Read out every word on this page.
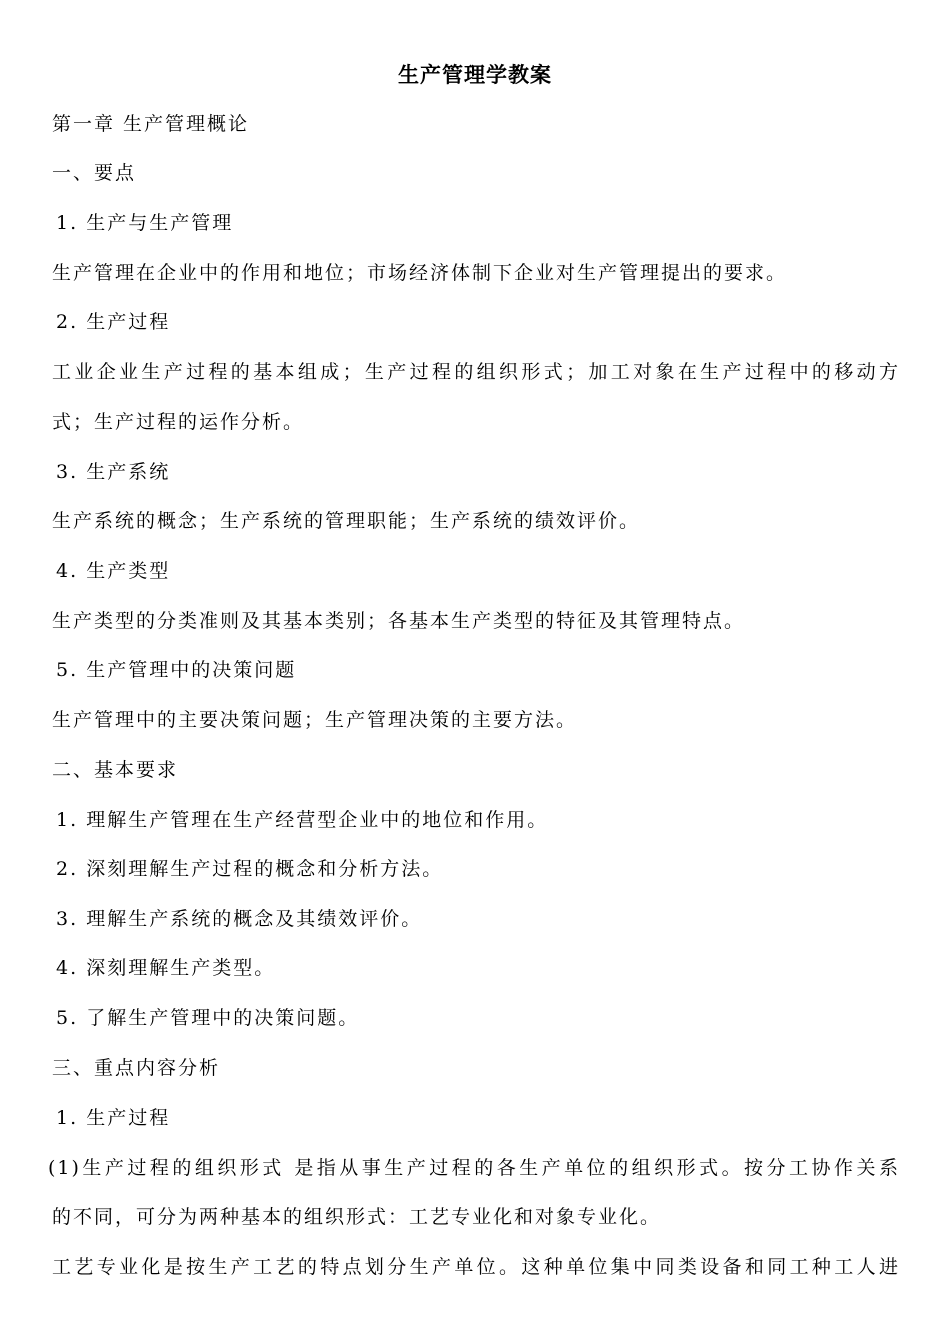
生产管理学教案
第一章 生产管理概论
一、要点
1. 生产与生产管理
生产管理在企业中的作用和地位；市场经济体制下企业对生产管理提出的要求。
2. 生产过程
工业企业生产过程的基本组成；生产过程的组织形式；加工对象在生产过程中的移动方
式；生产过程的运作分析。
3. 生产系统
生产系统的概念；生产系统的管理职能；生产系统的绩效评价。
4. 生产类型
生产类型的分类准则及其基本类别；各基本生产类型的特征及其管理特点。
5. 生产管理中的决策问题
生产管理中的主要决策问题；生产管理决策的主要方法。
二、基本要求
1. 理解生产管理在生产经营型企业中的地位和作用。
2. 深刻理解生产过程的概念和分析方法。
3. 理解生产系统的概念及其绩效评价。
4. 深刻理解生产类型。
5. 了解生产管理中的决策问题。
三、重点内容分析
1. 生产过程
(1)生产过程的组织形式 是指从事生产过程的各生产单位的组织形式。按分工协作关系
的不同，可分为两种基本的组织形式：工艺专业化和对象专业化。
工艺专业化是按生产工艺的特点划分生产单位。这种单位集中同类设备和同工种工人进
